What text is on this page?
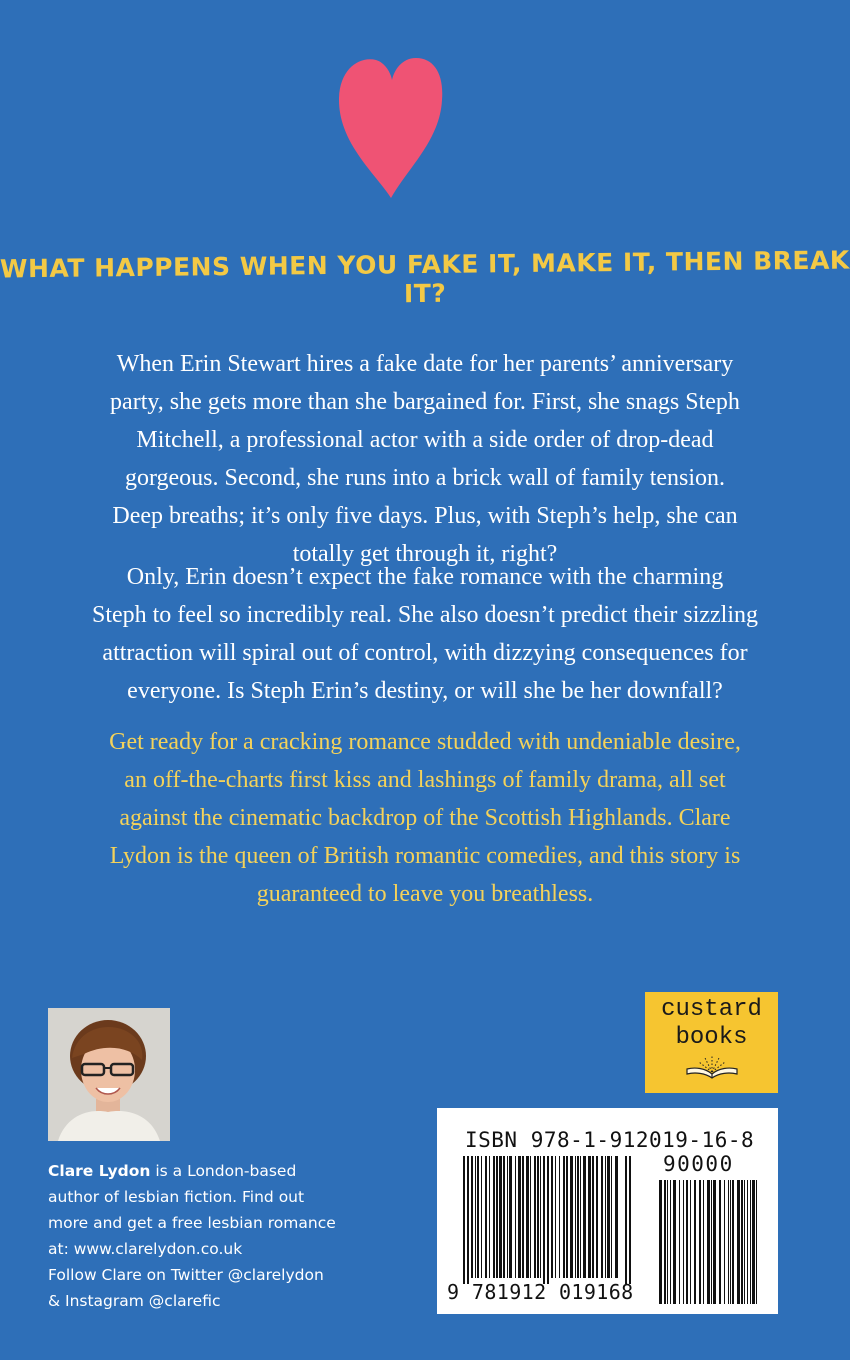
WHAT HAPPENS WHEN YOU FAKE IT, MAKE IT, THEN BREAK IT?
When Erin Stewart hires a fake date for her parents’ anniversary
party, she gets more than she bargained for. First, she snags Steph
Mitchell, a professional actor with a side order of drop-dead
gorgeous. Second, she runs into a brick wall of family tension.
Deep breaths; it’s only five days. Plus, with Steph’s help, she can
totally get through it, right?
Only, Erin doesn’t expect the fake romance with the charming
Steph to feel so incredibly real. She also doesn’t predict their sizzling
attraction will spiral out of control, with dizzying consequences for
everyone. Is Steph Erin’s destiny, or will she be her downfall?
Get ready for a cracking romance studded with undeniable desire,
an off-the-charts first kiss and lashings of family drama, all set
against the cinematic backdrop of the Scottish Highlands. Clare
Lydon is the queen of British romantic comedies, and this story is
guaranteed to leave you breathless.
Clare Lydon is a London-based
author of lesbian fiction. Find out
more and get a free lesbian romance
at: www.clarelydon.co.uk
Follow Clare on Twitter @clarelydon
& Instagram @clarefic
custard
books
ISBN 978-1-912019-16-8
90000
9 781912 019168
